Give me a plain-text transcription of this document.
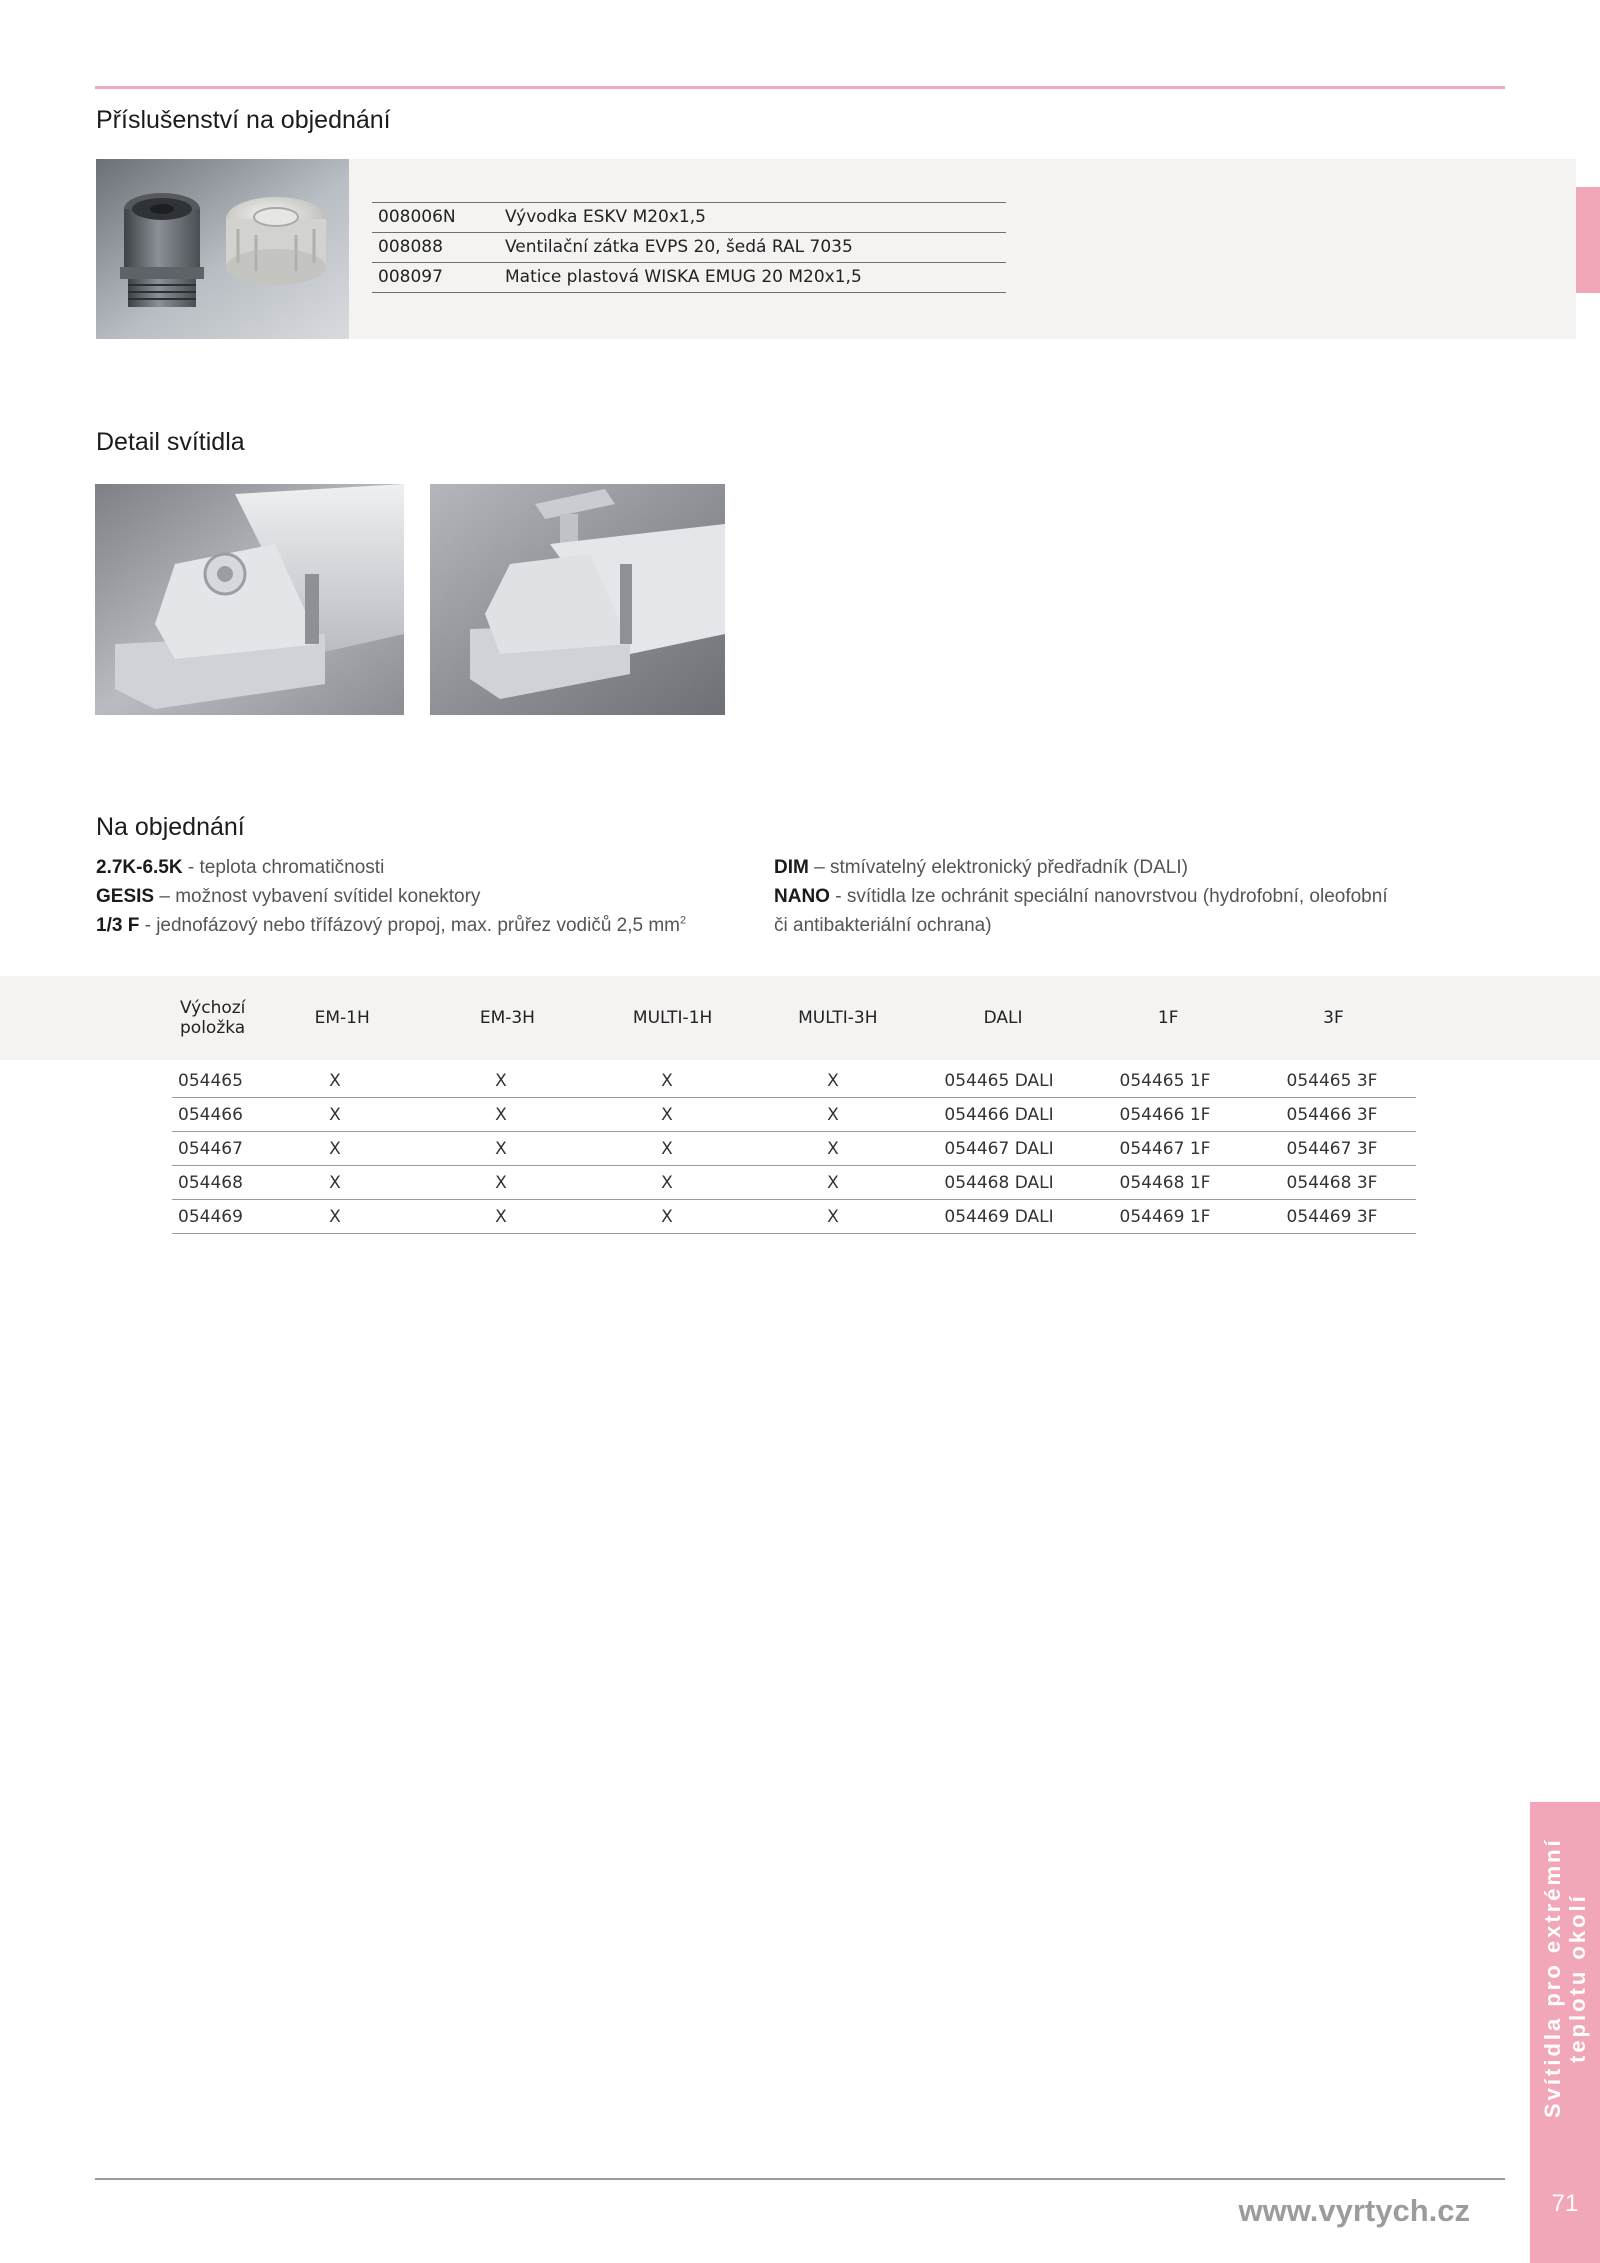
Příslušenství na objednání
008006N	Vývodka ESKV M20x1,5
008088	Ventilační zátka EVPS 20, šedá RAL 7035
008097	Matice plastová WISKA EMUG 20 M20x1,5
Detail svítidla
Na objednání
2.7K-6.5K - teplota chromatičnosti
GESIS – možnost vybavení svítidel konektory
1/3 F - jednofázový nebo třífázový propoj, max. průřez vodičů 2,5 $mm^2$
DIM – stmívatelný elektronický předřadník (DALI)
NANO - svítidla lze ochránit speciální nanovrstvou (hydrofobní, oleofobní
či antibakteriální ochrana)
Výchozí
položka	EM-1H	EM-3H	MULTI-1H	MULTI-3H	DALI	1F	3F
054465	X	X	X	X	054465 DALI	054465 1F	054465 3F
054466	X	X	X	X	054466 DALI	054466 1F	054466 3F
054467	X	X	X	X	054467 DALI	054467 1F	054467 3F
054468	X	X	X	X	054468 DALI	054468 1F	054468 3F
054469	X	X	X	X	054469 DALI	054469 1F	054469 3F
Svítidla pro extrémní teplotu okolí
www.vyrtych.cz	71
